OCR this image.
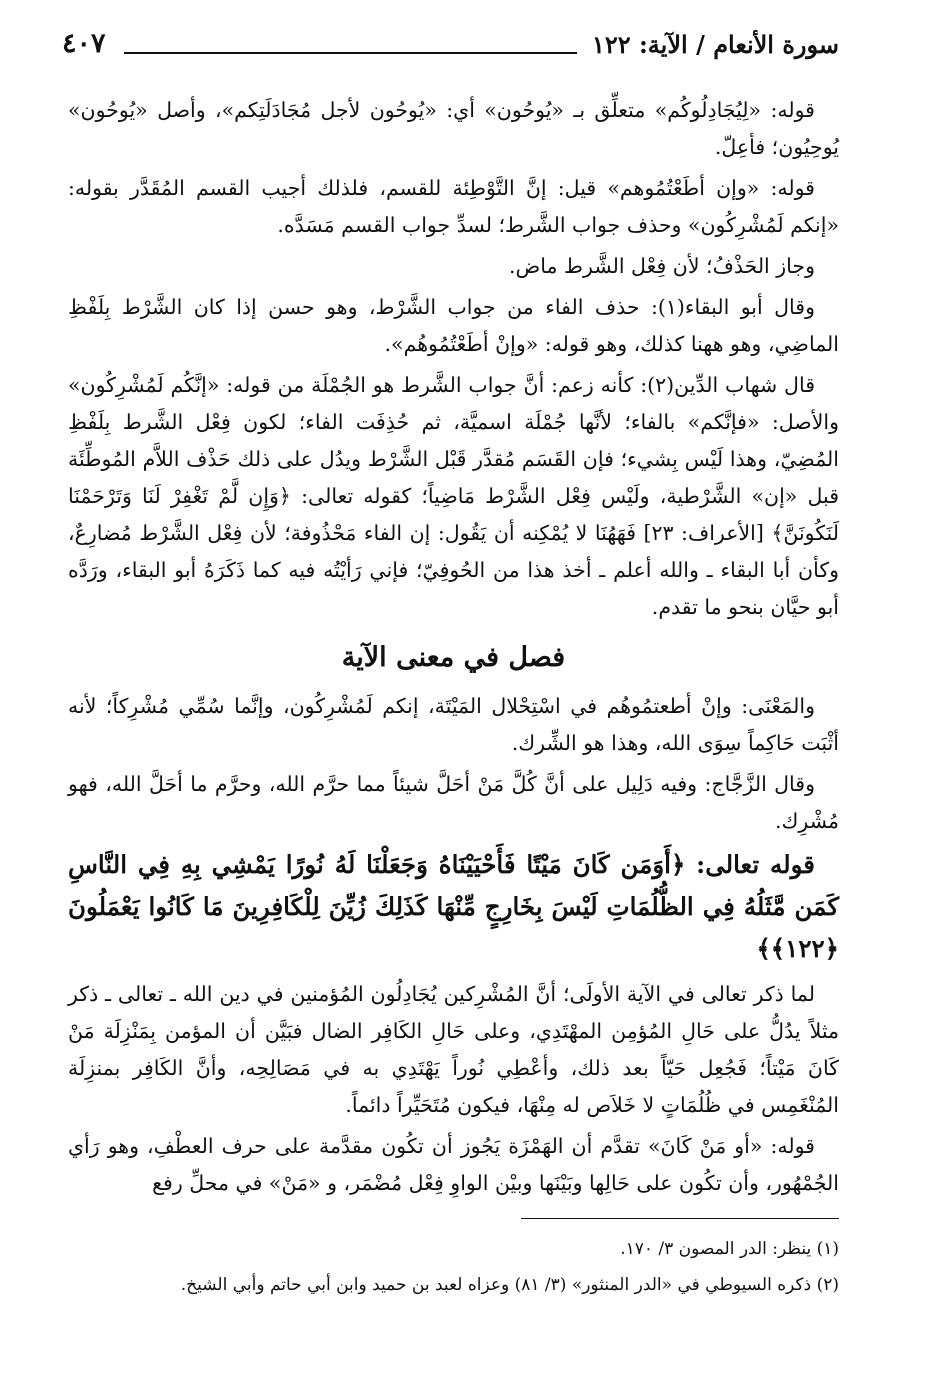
سورة الأنعام / الآية: ١٢٢
٤٠٧

قوله: «لِيُجَادِلُوكُم» متعلِّق بـ «يُوحُون» أي: «يُوحُون لأجل مُجَادَلَتِكم»، وأصل «يُوحُون» يُوحِيُون؛ فأعِلّ.

قوله: «وإن أطَعْتُمُوهم» قيل: إنَّ التَّوْطِئة للقسم، فلذلك أجيب القسم المُقَدَّر بقوله: «إنكم لَمُشْرِكُون» وحذف جواب الشَّرط؛ لسدِّ جواب القسم مَسَدَّه.

وجاز الحَذْفُ؛ لأن فِعْل الشَّرط ماض.

وقال أبو البقاء(١): حذف الفاء من جواب الشَّرْط، وهو حسن إذا كان الشَّرْط بِلَفْظِ الماضِي، وهو ههنا كذلك، وهو قوله: «وإنْ أطَعْتُمُوهُم».

قال شهاب الدِّين(٢): كأنه زعم: أنَّ جواب الشَّرط هو الجُمْلَة من قوله: «إنَّكُم لَمُشْرِكُون» والأصل: «فإنَّكم» بالفاء؛ لأنَّها جُمْلَة اسميَّة، ثم حُذِفَت الفاء؛ لكون فِعْل الشَّرط بِلَفْظِ المُضِيّ، وهذا لَيْس بِشيء؛ فإن القَسَم مُقدَّر قَبْل الشَّرْط ويدُل على ذلك حَذْف اللاَّم المُوطِّئَة قبل «إن» الشَّرْطية، ولَيْس فِعْل الشَّرْط مَاضِياً؛ كقوله تعالى: ﴿وَإِن لَّمْ تَغْفِرْ لَنَا وَتَرْحَمْنَا لَنَكُونَنَّ﴾ [الأعراف: ٢٣] فَهَهُنَا لا يُمْكِنه أن يَقُول: إن الفاء مَحْذُوفة؛ لأن فِعْل الشَّرْط مُضارِعٌ، وكأن أبا البقاء ـ والله أعلم ـ أخذ هذا من الحُوفِيّ؛ فإني رَأيْتُه فيه كما ذَكَرَهُ أبو البقاء، ورَدَّه أبو حيَّان بنحو ما تقدم.

فصل في معنى الآية

والمَعْنَى: وإنْ أطعتمُوهُم في اسْتِحْلال المَيْتَة، إنكم لَمُشْرِكُون، وإنَّما سُمِّي مُشْرِكاً؛ لأنه أثْبَت حَاكِماً سِوَى الله، وهذا هو الشِّرك.

وقال الزَّجَّاج: وفيه دَلِيل على أنَّ كُلَّ مَنْ أحَلَّ شيئاً مما حرَّم الله، وحرَّم ما أحَلَّ الله، فهو مُشْرِك.

قوله تعالى: ﴿أَوَمَن كَانَ مَيْتًا فَأَحْيَيْنَاهُ وَجَعَلْنَا لَهُ نُورًا يَمْشِي بِهِ فِي النَّاسِ كَمَن مَّثَلُهُ فِي الظُّلُمَاتِ لَيْسَ بِخَارِجٍ مِّنْهَا كَذَلِكَ زُيِّنَ لِلْكَافِرِينَ مَا كَانُوا يَعْمَلُونَ ﴿١٢٢﴾﴾

لما ذكر تعالى في الآية الأولَى؛ أنَّ المُشْرِكين يُجَادِلُون المُؤمنين في دين الله ـ تعالى ـ ذكر مثلاً يدُلُّ على حَالِ المُؤمِن المهْتَدِي، وعلى حَالِ الكَافِر الضال فبَيَّن أن المؤمن بِمَنْزِلَة مَنْ كَانَ مَيْتاً؛ فَجُعِل حَيّاً بعد ذلك، وأعْطِي نُوراً يَهْتَدِي به في مَصَالِحِه، وأنَّ الكَافِر بمنزِلَة المُنْغَمِس في ظُلُمَاتٍ لا خَلاَص له مِنْهَا، فيكون مُتَحَيِّراً دائماً.

قوله: «أو مَنْ كَانَ» تقدَّم أن الهَمْزَة يَجُوز أن تكُون مقدَّمة على حرف العطْفِ، وهو رَأي الجُمْهُور، وأن تكُون على حَالِها وبَيْنَها وبيْن الواوِ فِعْل مُضْمَر، و «مَنْ» في محلِّ رفع

(١) ينظر: الدر المصون ٣/ ١٧٠.
(٢) ذكره السيوطي في «الدر المنثور» (٣/ ٨١) وعزاه لعبد بن حميد وابن أبي حاتم وأبي الشيخ.
